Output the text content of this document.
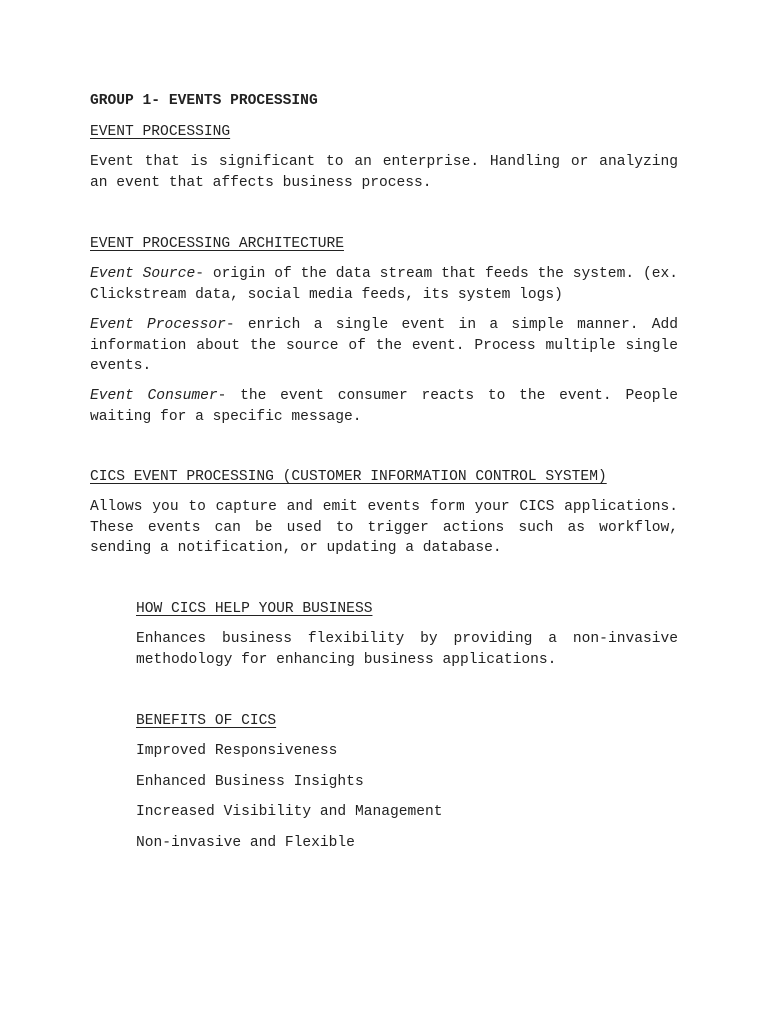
GROUP 1- EVENTS PROCESSING

EVENT PROCESSING

Event that is significant to an enterprise. Handling or analyzing an event that affects business process.

EVENT PROCESSING ARCHITECTURE

Event Source- origin of the data stream that feeds the system. (ex. Clickstream data, social media feeds, its system logs)

Event Processor- enrich a single event in a simple manner. Add information about the source of the event. Process multiple single events.

Event Consumer- the event consumer reacts to the event. People waiting for a specific message.

CICS EVENT PROCESSING (CUSTOMER INFORMATION CONTROL SYSTEM)

Allows you to capture and emit events form your CICS applications. These events can be used to trigger actions such as workflow, sending a notification, or updating a database.

HOW CICS HELP YOUR BUSINESS

Enhances business flexibility by providing a non-invasive methodology for enhancing business applications.

BENEFITS OF CICS

Improved Responsiveness

Enhanced Business Insights

Increased Visibility and Management

Non-invasive and Flexible
